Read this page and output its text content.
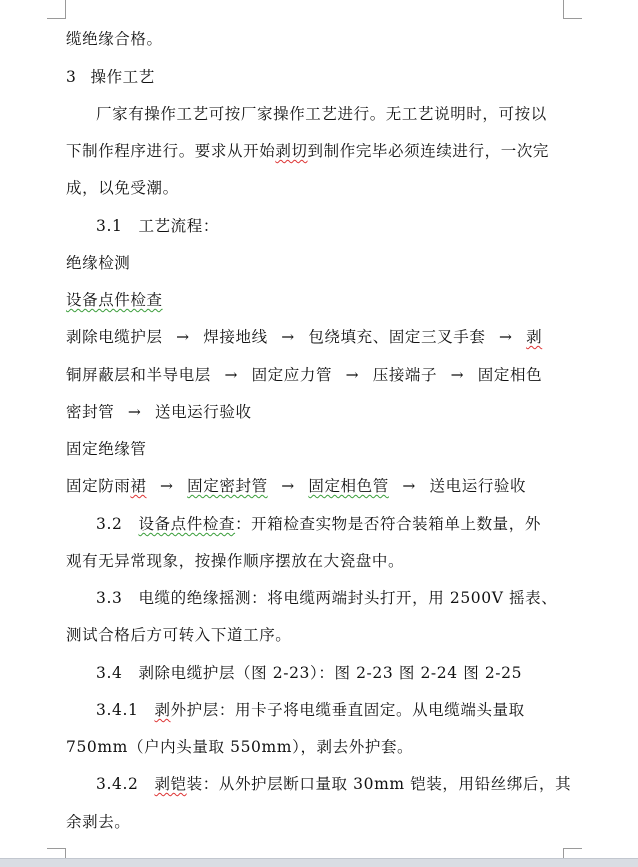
缆绝缘合格。
3 操作工艺
厂家有操作工艺可按厂家操作工艺进行。无工艺说明时，可按以
下制作程序进行。要求从开始剥切到制作完毕必须连续进行，一次完
成，以免受潮。
3.1 工艺流程：
绝缘检测
设备点件检查
剥除电缆护层 → 焊接地线 → 包绕填充、固定三叉手套 → 剥
铜屏蔽层和半导电层 → 固定应力管 → 压接端子 → 固定相色
密封管 → 送电运行验收
固定绝缘管
固定防雨裙 → 固定密封管 → 固定相色管 → 送电运行验收
3.2 设备点件检查：开箱检查实物是否符合装箱单上数量，外
观有无异常现象，按操作顺序摆放在大瓷盘中。
3.3 电缆的绝缘摇测：将电缆两端封头打开，用 2500V 摇表、
测试合格后方可转入下道工序。
3.4 剥除电缆护层（图 2-23）：图 2-23 图 2-24 图 2-25
3.4.1 剥外护层：用卡子将电缆垂直固定。从电缆端头量取
750mm（户内头量取 550mm），剥去外护套。
3.4.2 剥铠装：从外护层断口量取 30mm 铠装，用铅丝绑后，其
余剥去。
